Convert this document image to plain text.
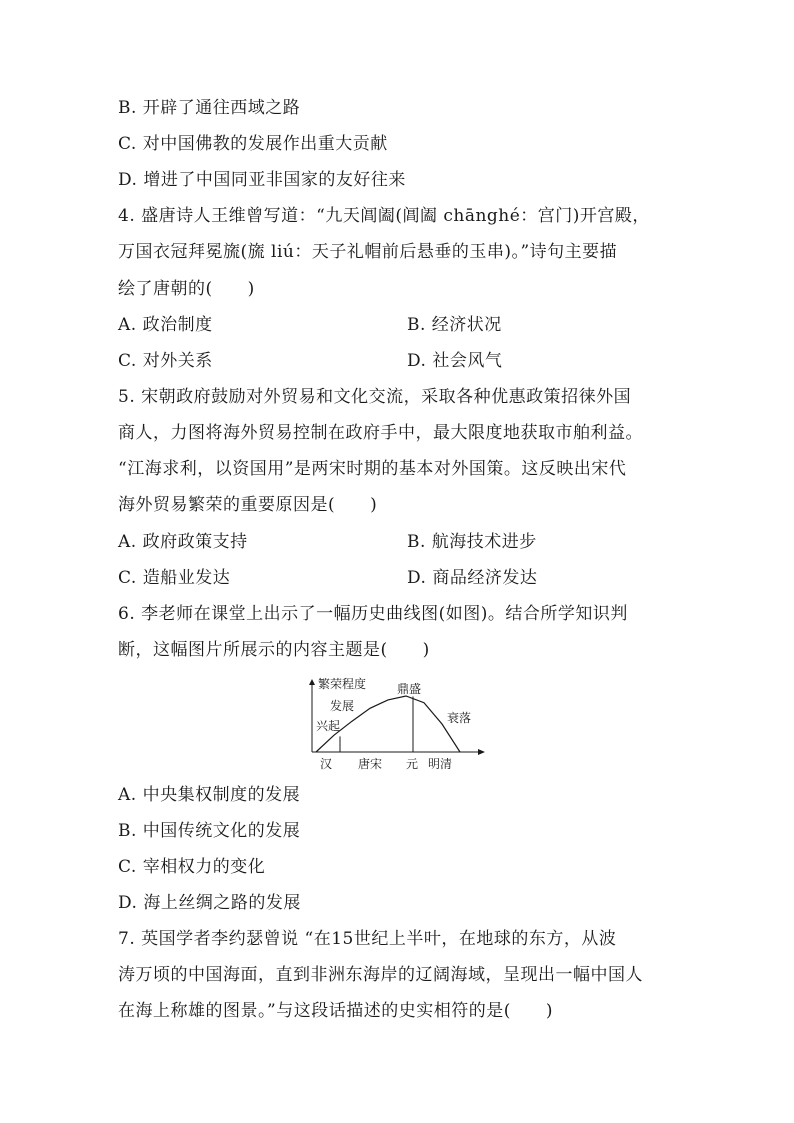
B. 开辟了通往西域之路
C. 对中国佛教的发展作出重大贡献
D. 增进了中国同亚非国家的友好往来
4. 盛唐诗人王维曾写道：“九天阊阖(阊阖 chānghé：宫门)开宫殿，
万国衣冠拜冕旒(旒 liú：天子礼帽前后悬垂的玉串)。”诗句主要描
绘了唐朝的(　　)
A. 政治制度	B. 经济状况
C. 对外关系	D. 社会风气
5. 宋朝政府鼓励对外贸易和文化交流，采取各种优惠政策招徕外国
商人，力图将海外贸易控制在政府手中，最大限度地获取市舶利益。
“江海求利，以资国用”是两宋时期的基本对外国策。这反映出宋代
海外贸易繁荣的重要原因是(　　)
A. 政府政策支持	B. 航海技术进步
C. 造船业发达	D. 商品经济发达
6. 李老师在课堂上出示了一幅历史曲线图(如图)。结合所学知识判
断，这幅图片所展示的内容主题是(　　)
繁荣程度
兴起
发展
鼎盛
衰落
汉 唐宋 元 明清
A. 中央集权制度的发展
B. 中国传统文化的发展
C. 宰相权力的变化
D. 海上丝绸之路的发展
7. 英国学者李约瑟曾说 “在15世纪上半叶，在地球的东方，从波
涛万顷的中国海面，直到非洲东海岸的辽阔海域，呈现出一幅中国人
在海上称雄的图景。”与这段话描述的史实相符的是(　　)
